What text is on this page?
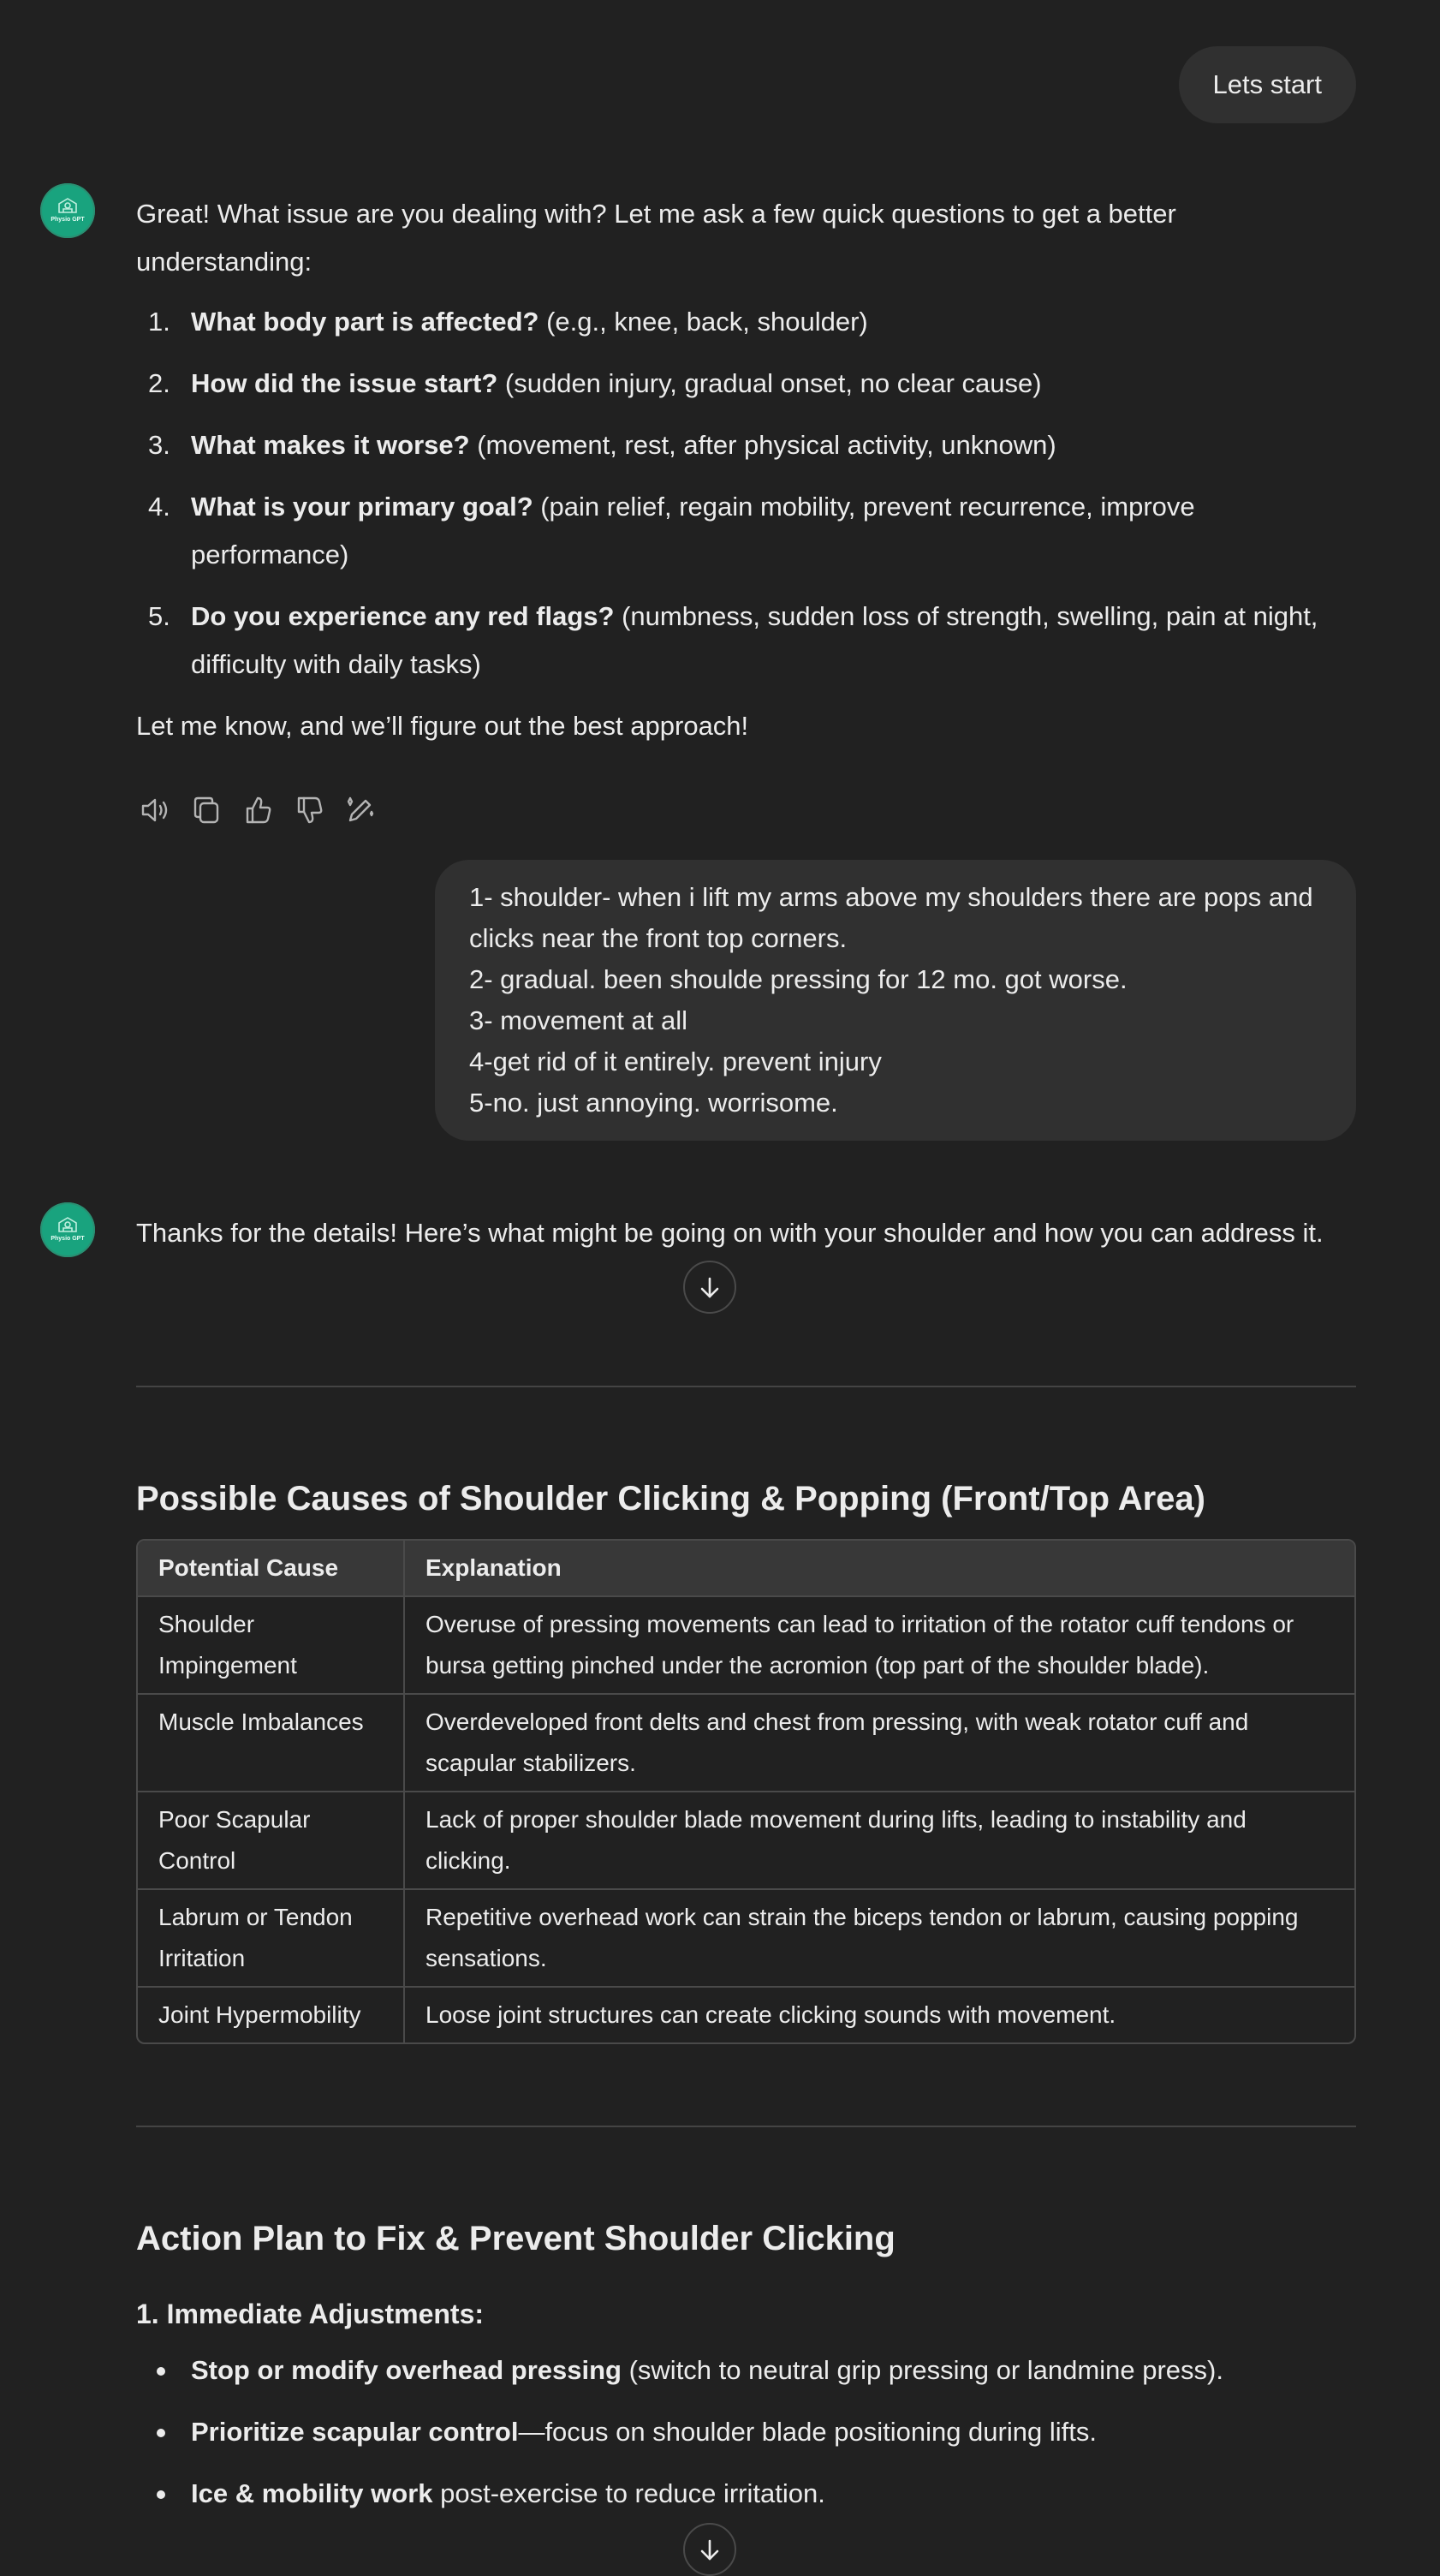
Lets start
Physio GPT Great! What issue are you dealing with? Let me ask a few quick questions to get a better understanding:

1. What body part is affected? (e.g., knee, back, shoulder)
2. How did the issue start? (sudden injury, gradual onset, no clear cause)
3. What makes it worse? (movement, rest, after physical activity, unknown)
4. What is your primary goal? (pain relief, regain mobility, prevent recurrence, improve performance)
5. Do you experience any red flags? (numbness, sudden loss of strength, swelling, pain at night, difficulty with daily tasks)

Let me know, and we’ll figure out the best approach!

1- shoulder- when i lift my arms above my shoulders there are pops and clicks near the front top corners.
2- gradual. been shoulde pressing for 12 mo. got worse.
3- movement at all
4-get rid of it entirely. prevent injury
5-no. just annoying. worrisome.
Physio GPT Thanks for the details! Here’s what might be going on with your shoulder and how you can address it.

Possible Causes of Shoulder Clicking & Popping (Front/Top Area)
Potential Cause	Explanation
Shoulder Impingement	Overuse of pressing movements can lead to irritation of the rotator cuff tendons or bursa getting pinched under the acromion (top part of the shoulder blade).
Muscle Imbalances	Overdeveloped front delts and chest from pressing, with weak rotator cuff and scapular stabilizers.
Poor Scapular Control	Lack of proper shoulder blade movement during lifts, leading to instability and clicking.
Labrum or Tendon Irritation	Repetitive overhead work can strain the biceps tendon or labrum, causing popping sensations.
Joint Hypermobility	Loose joint structures can create clicking sounds with movement.
Action Plan to Fix & Prevent Shoulder Clicking
1. Immediate Adjustments:
Stop or modify overhead pressing (switch to neutral grip pressing or landmine press).
Prioritize scapular control—focus on shoulder blade positioning during lifts.
Ice & mobility work post-exercise to reduce irritation.
